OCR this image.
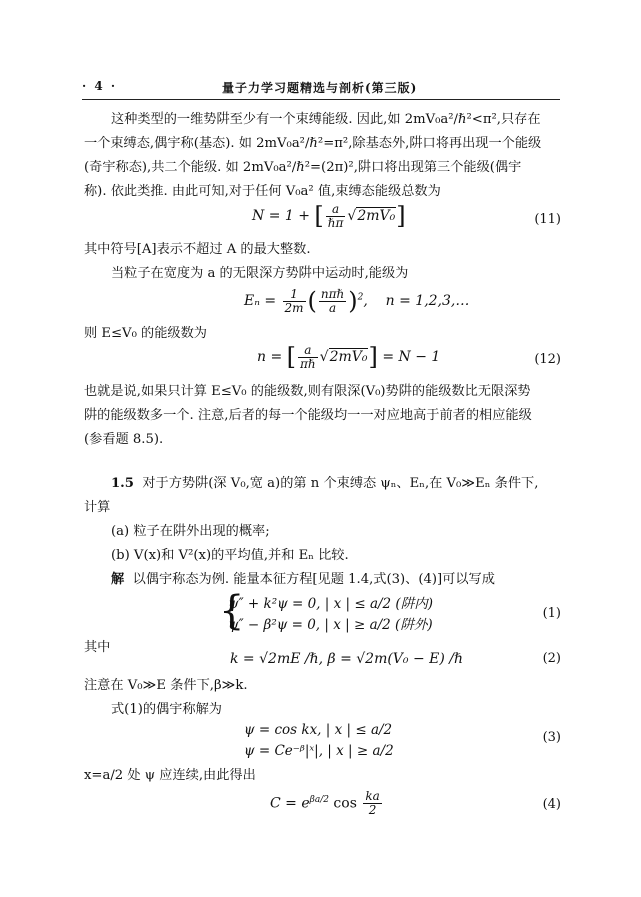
· 4 ·	量子力学习题精选与剖析(第三版)
这种类型的一维势阱至少有一个束缚能级. 因此,如 2mV₀a²/ℏ²<π²,只存在
一个束缚态,偶宇称(基态). 如 2mV₀a²/ℏ²=π²,除基态外,阱口将再出现一个能级
(奇宇称态),共二个能级. 如 2mV₀a²/ℏ²=(2π)²,阱口将出现第三个能级(偶宇
称). 依此类推. 由此可知,对于任何 V₀a² 值,束缚态能级总数为
N = 1 + [ $\frac{a}{\text{ℏπ}} √2mV_0$]	(11)
其中符号[A]表示不超过 A 的最大整数.
当粒子在宽度为 a 的无限深方势阱中运动时,能级为
$E_n = \frac{1}{2m}$ ( $\frac{\text{nπℏ}}{a} )^2$,    n = 1,2,3,…
则 E≤V₀ 的能级数为
n = [ $\frac{a}{\text{πℏ}} √2mV_0] = N - 1$	(12)
也就是说,如果只计算 E≤V₀ 的能级数,则有限深(V₀)势阱的能级数比无限深势
阱的能级数多一个. 注意,后者的每一个能级均一一对应地高于前者的相应能级
(参看题 8.5).
1.5 对于方势阱(深 V₀,宽 a)的第 n 个束缚态 ψₙ、Eₙ,在 V₀≫Eₙ 条件下,
计算
(a) 粒子在阱外出现的概率;
(b) V(x)和 V²(x)的平均值,并和 Eₙ 比较.
解 以偶宇称态为例. 能量本征方程[见题 1.4,式(3)、(4)]可以写成
{
ψ″ + k²ψ = 0, | x | ≤ a/2 (阱内)
ψ″ − β²ψ = 0, | x | ≥ a/2 (阱外)
(1)
其中
k = √2mE /ℏ, β = √2m(V₀ − E) /ℏ	(2)
注意在 V₀≫E 条件下,β≫k.
式(1)的偶宇称解为
ψ = cos kx, | x | ≤ a/2
ψ = Ce⁻ᵝ|ˣ|, | x | ≥ a/2
(3)
x=a/2 处 ψ 应连续,由此得出
$C = e^{\beta a/2}$ $\cos \frac{ka}{2}$	(4)
